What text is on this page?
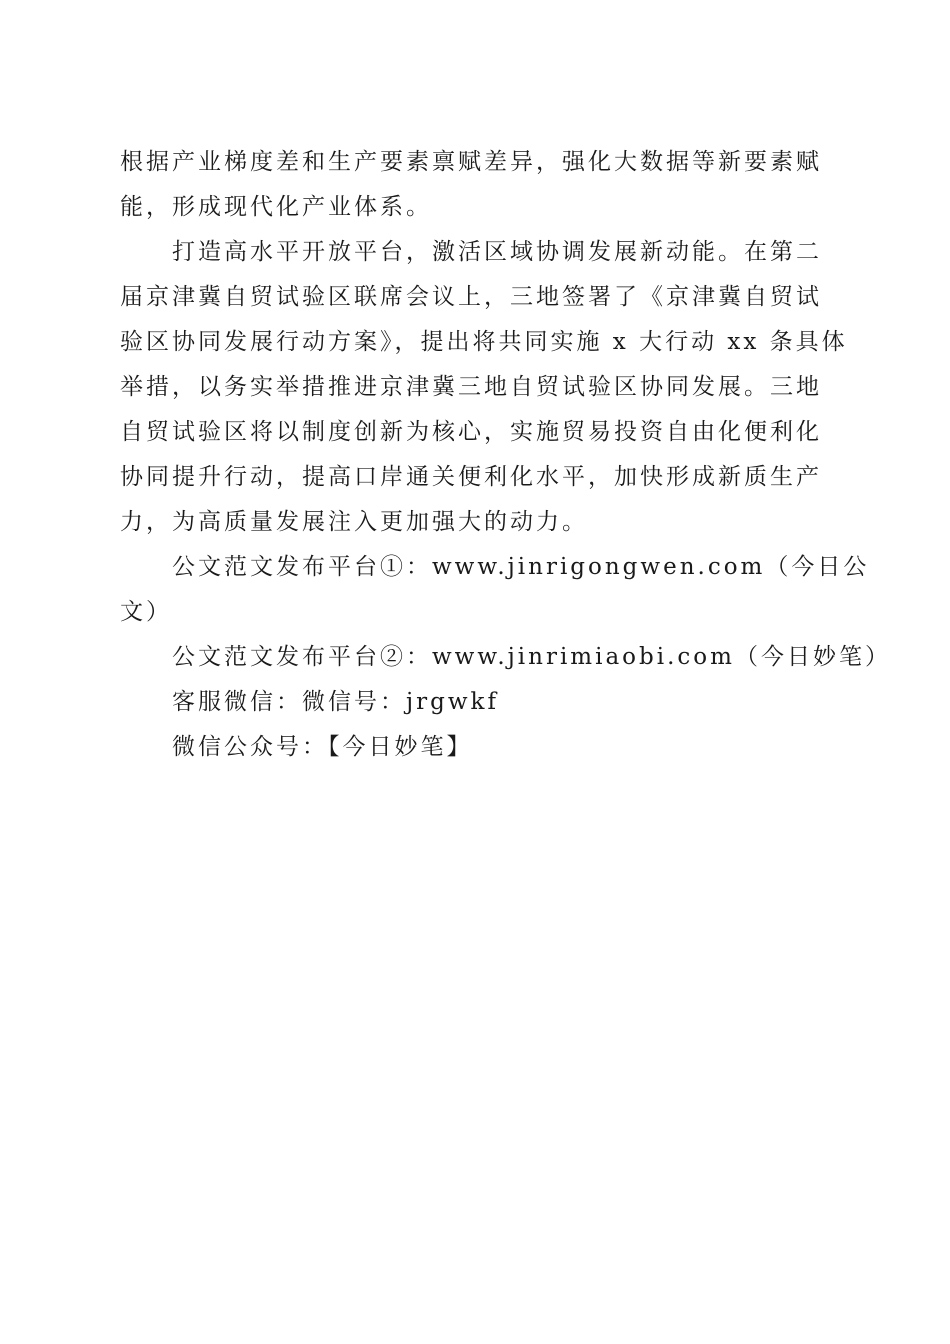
根据产业梯度差和生产要素禀赋差异，强化大数据等新要素赋
能，形成现代化产业体系。
打造高水平开放平台，激活区域协调发展新动能。在第二
届京津冀自贸试验区联席会议上，三地签署了《京津冀自贸试
验区协同发展行动方案》，提出将共同实施 x 大行动 xx 条具体
举措，以务实举措推进京津冀三地自贸试验区协同发展。三地
自贸试验区将以制度创新为核心，实施贸易投资自由化便利化
协同提升行动，提高口岸通关便利化水平，加快形成新质生产
力，为高质量发展注入更加强大的动力。
公文范文发布平台①：www.jinrigongwen.com（今日公
文）

公文范文发布平台②：www.jinrimiaobi.com（今日妙笔）

客服微信：微信号：jrgwkf

微信公众号：【今日妙笔】
